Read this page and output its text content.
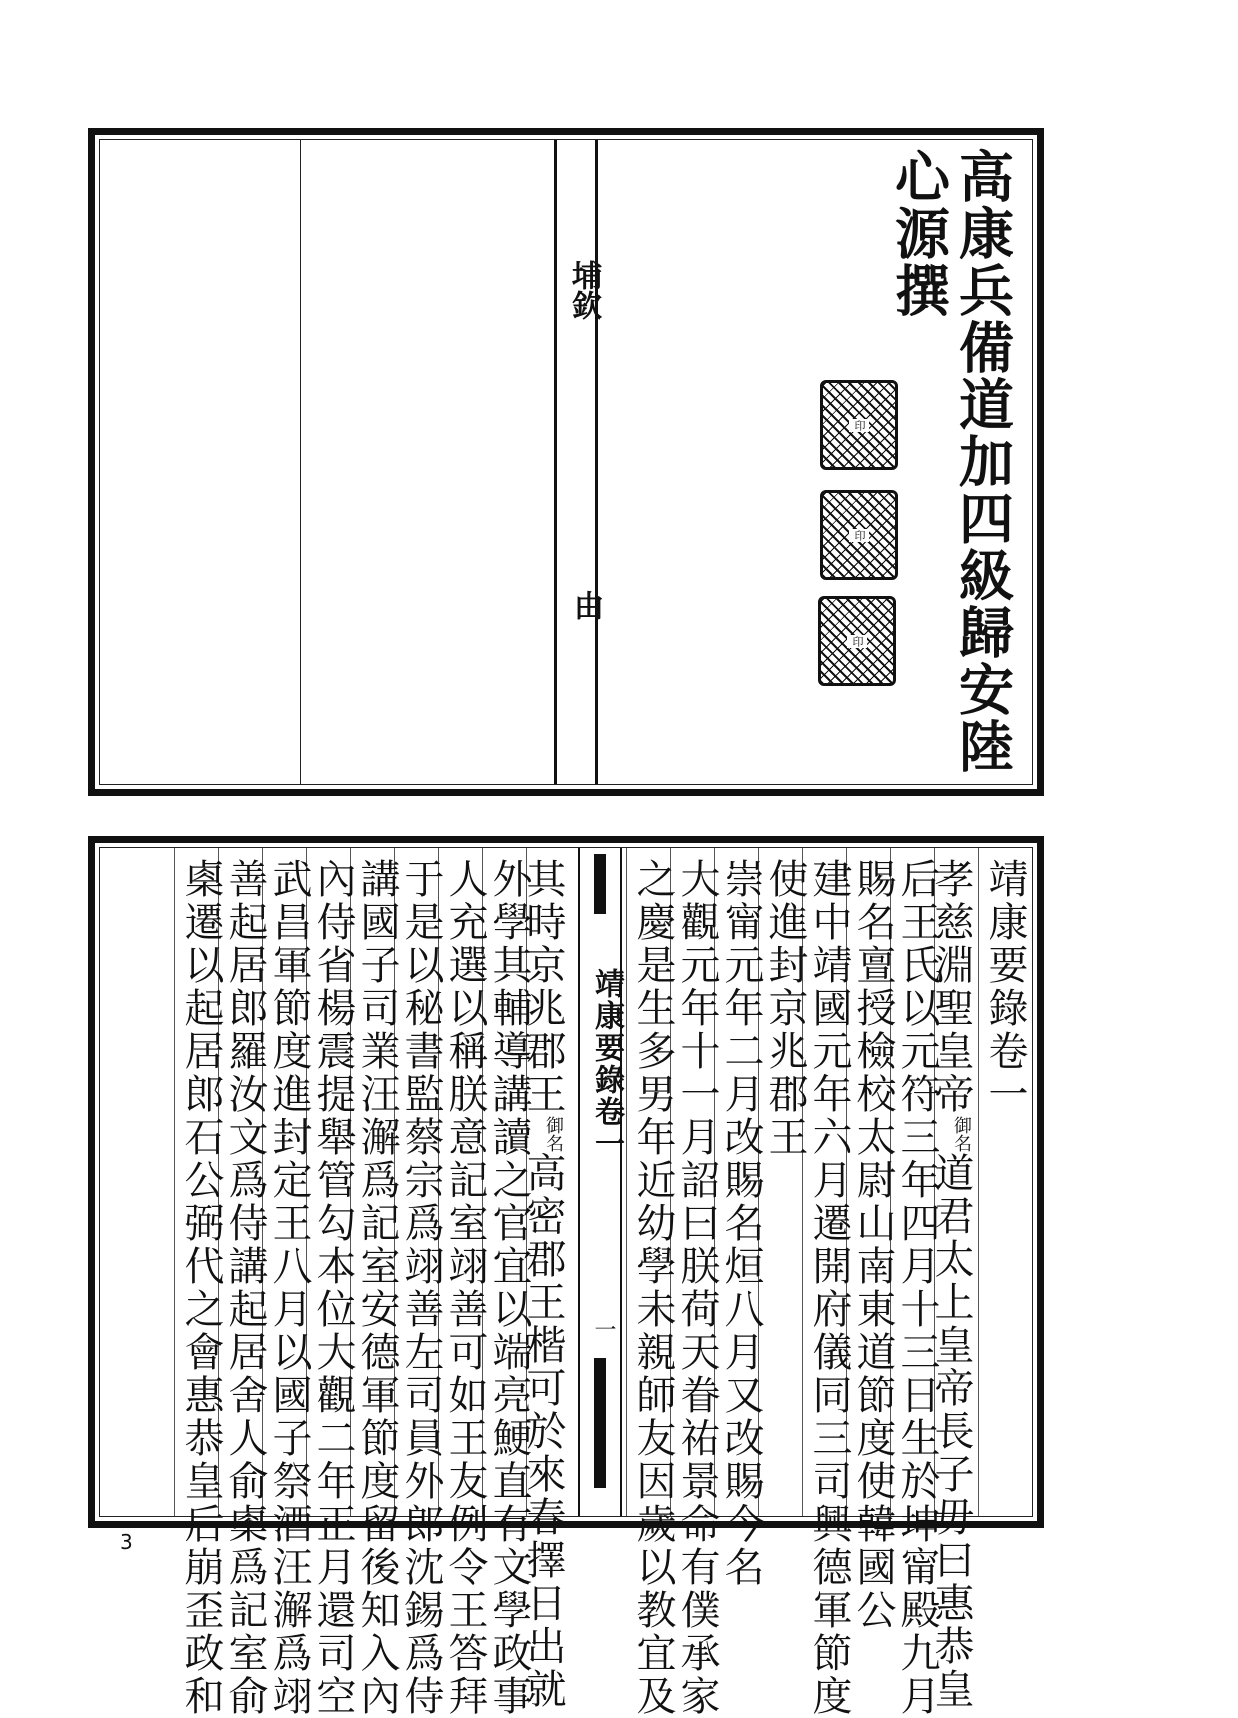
埔欽
由	高康兵備道加四級歸安陸心源撰
印
印
印
靖康要錄卷一
一
靖康要錄卷一
孝慈淵聖皇帝御名道君太上皇帝長子毋曰惠恭皇
后王氏以元符三年四月十三日生於坤甯殿九月
賜名亶授檢校太尉山南東道節度使韓國公
建中靖國元年六月遷開府儀同三司興德軍節度
使進封京兆郡王
崇甯元年二月改賜名烜八月又改賜今名
大觀元年十一月詔曰朕荷天眷祐景命有僕承家
之慶是生多男年近幼學未親師友因歲以教宜及
其時京兆郡王御名高密郡王楷可於來春擇日出就
外學其輔導講讀之官宜以端亮鯁直有文學政事
人充選以稱朕意記室翊善可如王友例令王答拜
于是以秘書監蔡宗爲翊善左司員外郎沈錫爲侍
講國子司業汪澥爲記室安德軍節度留後知入內
內侍省楊震提舉管勾本位大觀二年正月還司空
武昌軍節度進封定王八月以國子祭酒汪澥爲翊
善起居郎羅汝文爲侍講起居舍人俞㮚爲記室俞
㮚遷以起居郎石公弼代之會惠恭皇后崩歪政和
3
